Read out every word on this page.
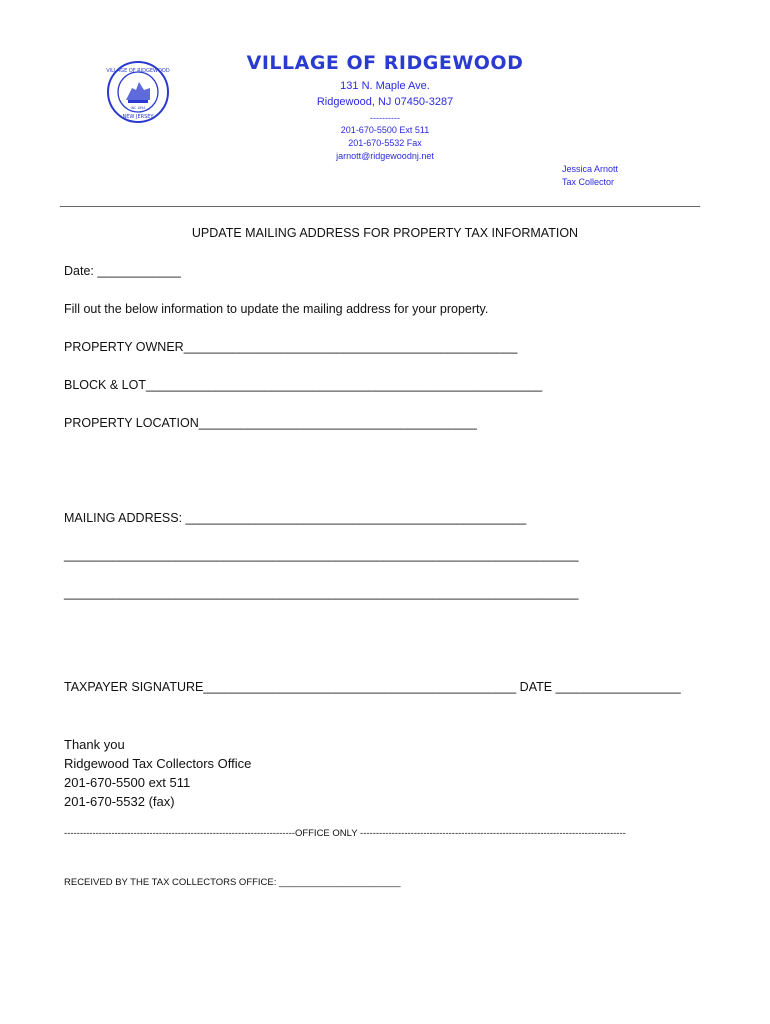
VILLAGE OF RIDGEWOOD
NEW JERSEY
INC 1894
VILLAGE OF RIDGEWOOD
131 N. Maple Ave.
Ridgewood, NJ 07450-3287
----------
201-670-5500 Ext 511
201-670-5532 Fax
jarnott@ridgewoodnj.net
Jessica Arnott
Tax Collector
UPDATE MAILING ADDRESS FOR PROPERTY TAX INFORMATION
Date: ____________
Fill out the below information to update the mailing address for your property.
PROPERTY OWNER________________________________________________
BLOCK & LOT_________________________________________________________
PROPERTY LOCATION________________________________________
MAILING ADDRESS: _________________________________________________
__________________________________________________________________________
__________________________________________________________________________
TAXPAYER SIGNATURE_____________________________________________ DATE __________________
Thank you
Ridgewood Tax Collectors Office
201-670-5500 ext 511
201-670-5532 (fax)
-------------------------------------------------------------------------OFFICE ONLY ------------------------------------------------------------------------------------
RECEIVED BY THE TAX COLLECTORS OFFICE: _______________________
